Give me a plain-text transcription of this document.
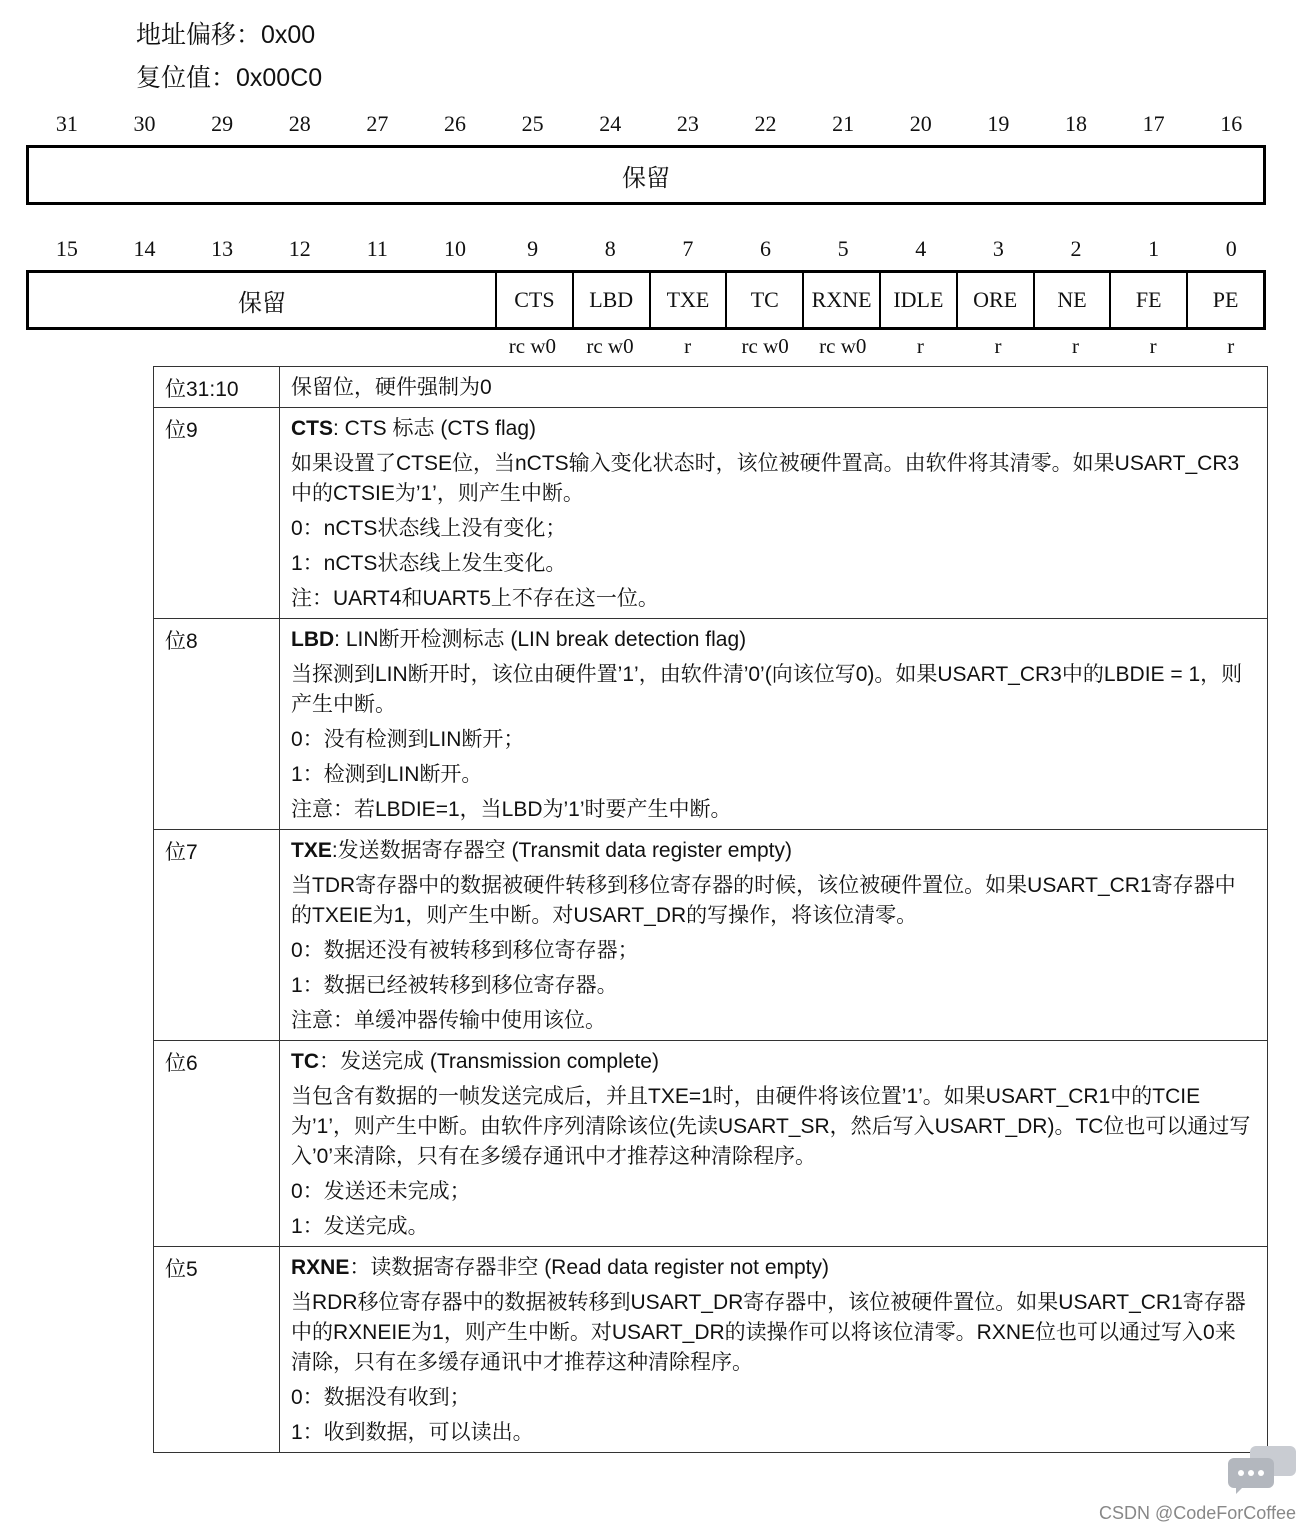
地址偏移：0x00
复位值：0x00C0
31	30	29	28	27	26	25	24	23	22	21	20	19	18	17	16
保留
15	14	13	12	11	10	9	8	7	6	5	4	3	2	1	0
保留	CTS	LBD	TXE	TC	RXNE IDLE	ORE	NE	FE	PE
rc w0	rc w0	r	rc w0	rc w0	r	r	r	r	r
位31:10	保留位，硬件强制为0

位9	CTS: CTS 标志 (CTS flag)
如果设置了CTSE位，当nCTS输入变化状态时，该位被硬件置高。由软件将其清零。如果USART_CR3中的CTSIE为’1’，则产生中断。
0：nCTS状态线上没有变化；
1：nCTS状态线上发生变化。
注：UART4和UART5上不存在这一位。

位8	LBD: LIN断开检测标志 (LIN break detection flag)
当探测到LIN断开时，该位由硬件置’1’，由软件清’0’(向该位写0)。如果USART_CR3中的LBDIE = 1，则产生中断。
0：没有检测到LIN断开；
1：检测到LIN断开。
注意：若LBDIE=1，当LBD为’1’时要产生中断。

位7	TXE:发送数据寄存器空 (Transmit data register empty)
当TDR寄存器中的数据被硬件转移到移位寄存器的时候，该位被硬件置位。如果USART_CR1寄存器中的TXEIE为1，则产生中断。对USART_DR的写操作，将该位清零。
0：数据还没有被转移到移位寄存器；
1：数据已经被转移到移位寄存器。
注意：单缓冲器传输中使用该位。

位6	TC：发送完成 (Transmission complete)
当包含有数据的一帧发送完成后，并且TXE=1时，由硬件将该位置’1’。如果USART_CR1中的TCIE为’1’，则产生中断。由软件序列清除该位(先读USART_SR，然后写入USART_DR)。TC位也可以通过写入’0’来清除，只有在多缓存通讯中才推荐这种清除程序。
0：发送还未完成；
1：发送完成。

位5	RXNE：读数据寄存器非空 (Read data register not empty)
当RDR移位寄存器中的数据被转移到USART_DR寄存器中，该位被硬件置位。如果USART_CR1寄存器中的RXNEIE为1，则产生中断。对USART_DR的读操作可以将该位清零。RXNE位也可以通过写入0来清除，只有在多缓存通讯中才推荐这种清除程序。
0：数据没有收到；
1：收到数据，可以读出。
CSDN @CodeForCoffee
